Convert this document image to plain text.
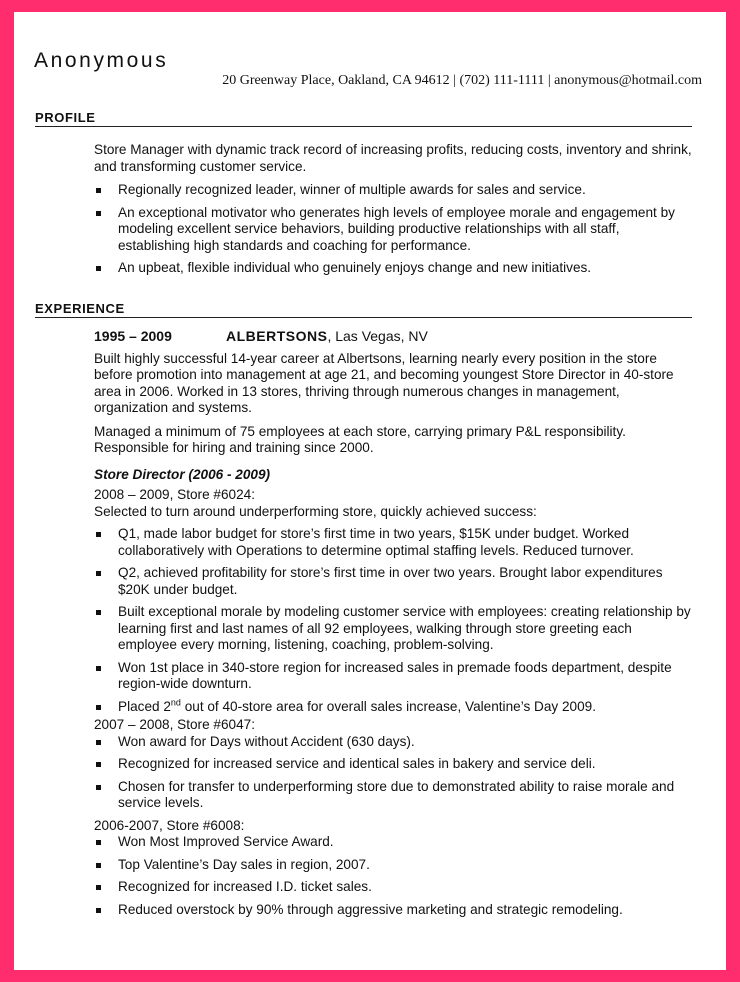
Anonymous
20 Greenway Place, Oakland, CA 94612 | (702) 111-1111 | anonymous@hotmail.com
PROFILE

Store Manager with dynamic track record of increasing profits, reducing costs, inventory and shrink, and transforming customer service.

Regionally recognized leader, winner of multiple awards for sales and service.
An exceptional motivator who generates high levels of employee morale and engagement by modeling excellent service behaviors, building productive relationships with all staff, establishing high standards and coaching for performance.
An upbeat, flexible individual who genuinely enjoys change and new initiatives.
EXPERIENCE
1995 – 2009	ALBERTSONS, Las Vegas, NV

Built highly successful 14-year career at Albertsons, learning nearly every position in the store before promotion into management at age 21, and becoming youngest Store Director in 40-store area in 2006. Worked in 13 stores, thriving through numerous changes in management, organization and systems.

Managed a minimum of 75 employees at each store, carrying primary P&L responsibility. Responsible for hiring and training since 2000.

Store Director (2006 - 2009)
2008 – 2009, Store #6024:
Selected to turn around underperforming store, quickly achieved success:
Q1, made labor budget for store’s first time in two years, $15K under budget. Worked collaboratively with Operations to determine optimal staffing levels. Reduced turnover.
Q2, achieved profitability for store’s first time in over two years. Brought labor expenditures $20K under budget.
Built exceptional morale by modeling customer service with employees: creating relationship by learning first and last names of all 92 employees, walking through store greeting each employee every morning, listening, coaching, problem-solving.
Won 1st place in 340-store region for increased sales in premade foods department, despite region-wide downturn.
Placed 2nd out of 40-store area for overall sales increase, Valentine’s Day 2009.
2007 – 2008, Store #6047:
Won award for Days without Accident (630 days).
Recognized for increased service and identical sales in bakery and service deli.
Chosen for transfer to underperforming store due to demonstrated ability to raise morale and service levels.
2006-2007, Store #6008:
Won Most Improved Service Award.
Top Valentine’s Day sales in region, 2007.
Recognized for increased I.D. ticket sales.
Reduced overstock by 90% through aggressive marketing and strategic remodeling.
